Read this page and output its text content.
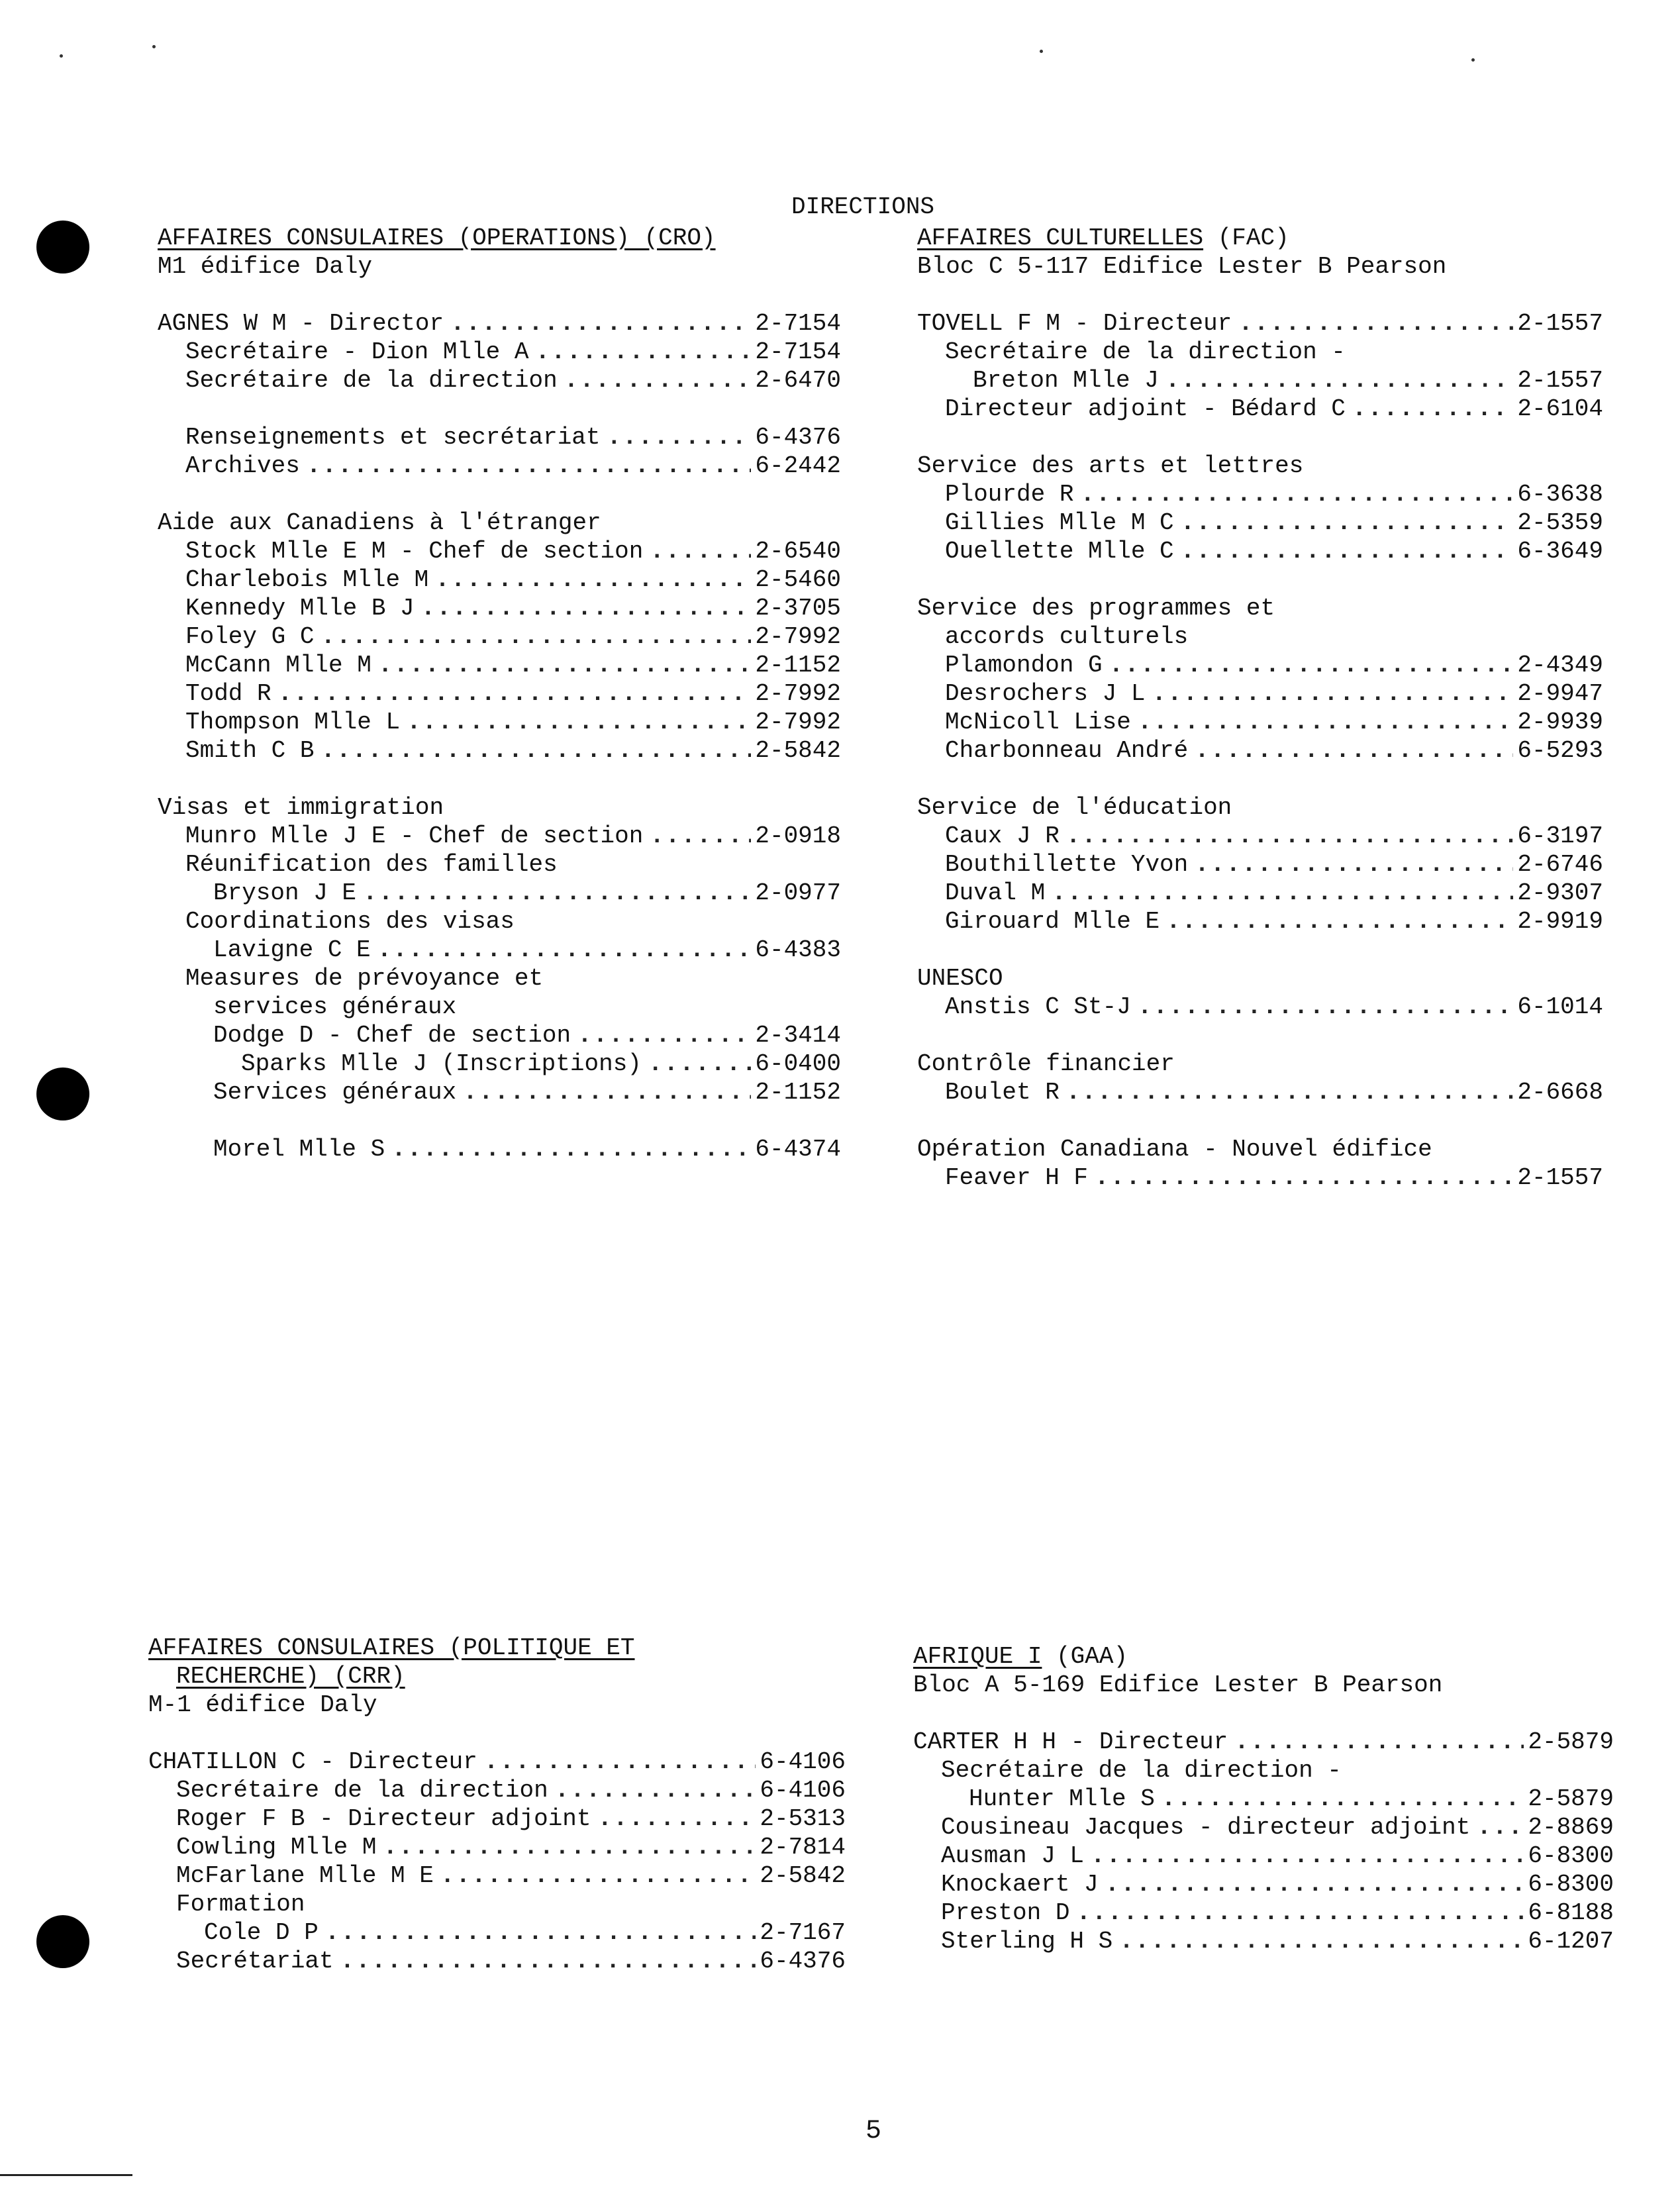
DIRECTIONS
AFFAIRES CONSULAIRES (OPERATIONS) (CRO)
M1 édifice Daly
AGNES W M - Director .....	2-7154
Secrétaire - Dion Mlle A .....	2-7154
Secrétaire de la direction .....	2-6470
Renseignements et secrétariat .....	6-4376
Archives .....	6-2442
Aide aux Canadiens à l'étranger
Stock Mlle E M - Chef de section .....	2-6540
Charlebois Mlle M .....	2-5460
Kennedy Mlle B J .....	2-3705
Foley G C .....	2-7992
McCann Mlle M .....	2-1152
Todd R .....	2-7992
Thompson Mlle L .....	2-7992
Smith C B .....	2-5842
Visas et immigration
Munro Mlle J E - Chef de section .....	2-0918
Réunification des familles
Bryson J E .....	2-0977
Coordinations des visas
Lavigne C E .....	6-4383
Measures de prévoyance et
services généraux
Dodge D - Chef de section .....	2-3414
Sparks Mlle J (Inscriptions) .....	6-0400
Services généraux .....	2-1152
Morel Mlle S .....	6-4374
AFFAIRES CULTURELLES (FAC)
Bloc C 5-117 Edifice Lester B Pearson
TOVELL F M - Directeur .....	2-1557
Secrétaire de la direction -
Breton Mlle J .....	2-1557
Directeur adjoint - Bédard C .....	2-6104
Service des arts et lettres
Plourde R .....	6-3638
Gillies Mlle M C .....	2-5359
Ouellette Mlle C .....	6-3649
Service des programmes et
accords culturels
Plamondon G .....	2-4349
Desrochers J L .....	2-9947
McNicoll Lise .....	2-9939
Charbonneau André .....	6-5293
Service de l'éducation
Caux J R .....	6-3197
Bouthillette Yvon .....	2-6746
Duval M .....	2-9307
Girouard Mlle E .....	2-9919
UNESCO
Anstis C St-J .....	6-1014
Contrôle financier
Boulet R .....	2-6668
Opération Canadiana - Nouvel édifice
Feaver H F .....	2-1557
AFFAIRES CONSULAIRES (POLITIQUE ET
RECHERCHE) (CRR)
M-1 édifice Daly
CHATILLON C - Directeur .....	6-4106
Secrétaire de la direction .....	6-4106
Roger F B - Directeur adjoint .....	2-5313
Cowling Mlle M .....	2-7814
McFarlane Mlle M E .....	2-5842
Formation
Cole D P .....	2-7167
Secrétariat .....	6-4376
AFRIQUE I (GAA)
Bloc A 5-169 Edifice Lester B Pearson
CARTER H H - Directeur .....	2-5879
Secrétaire de la direction -
Hunter Mlle S .....	2-5879
Cousineau Jacques - directeur adjoint ..... 2-8869
Ausman J L .....	6-8300
Knockaert J .....	6-8300
Preston D .....	6-8188
Sterling H S .....	6-1207
5
